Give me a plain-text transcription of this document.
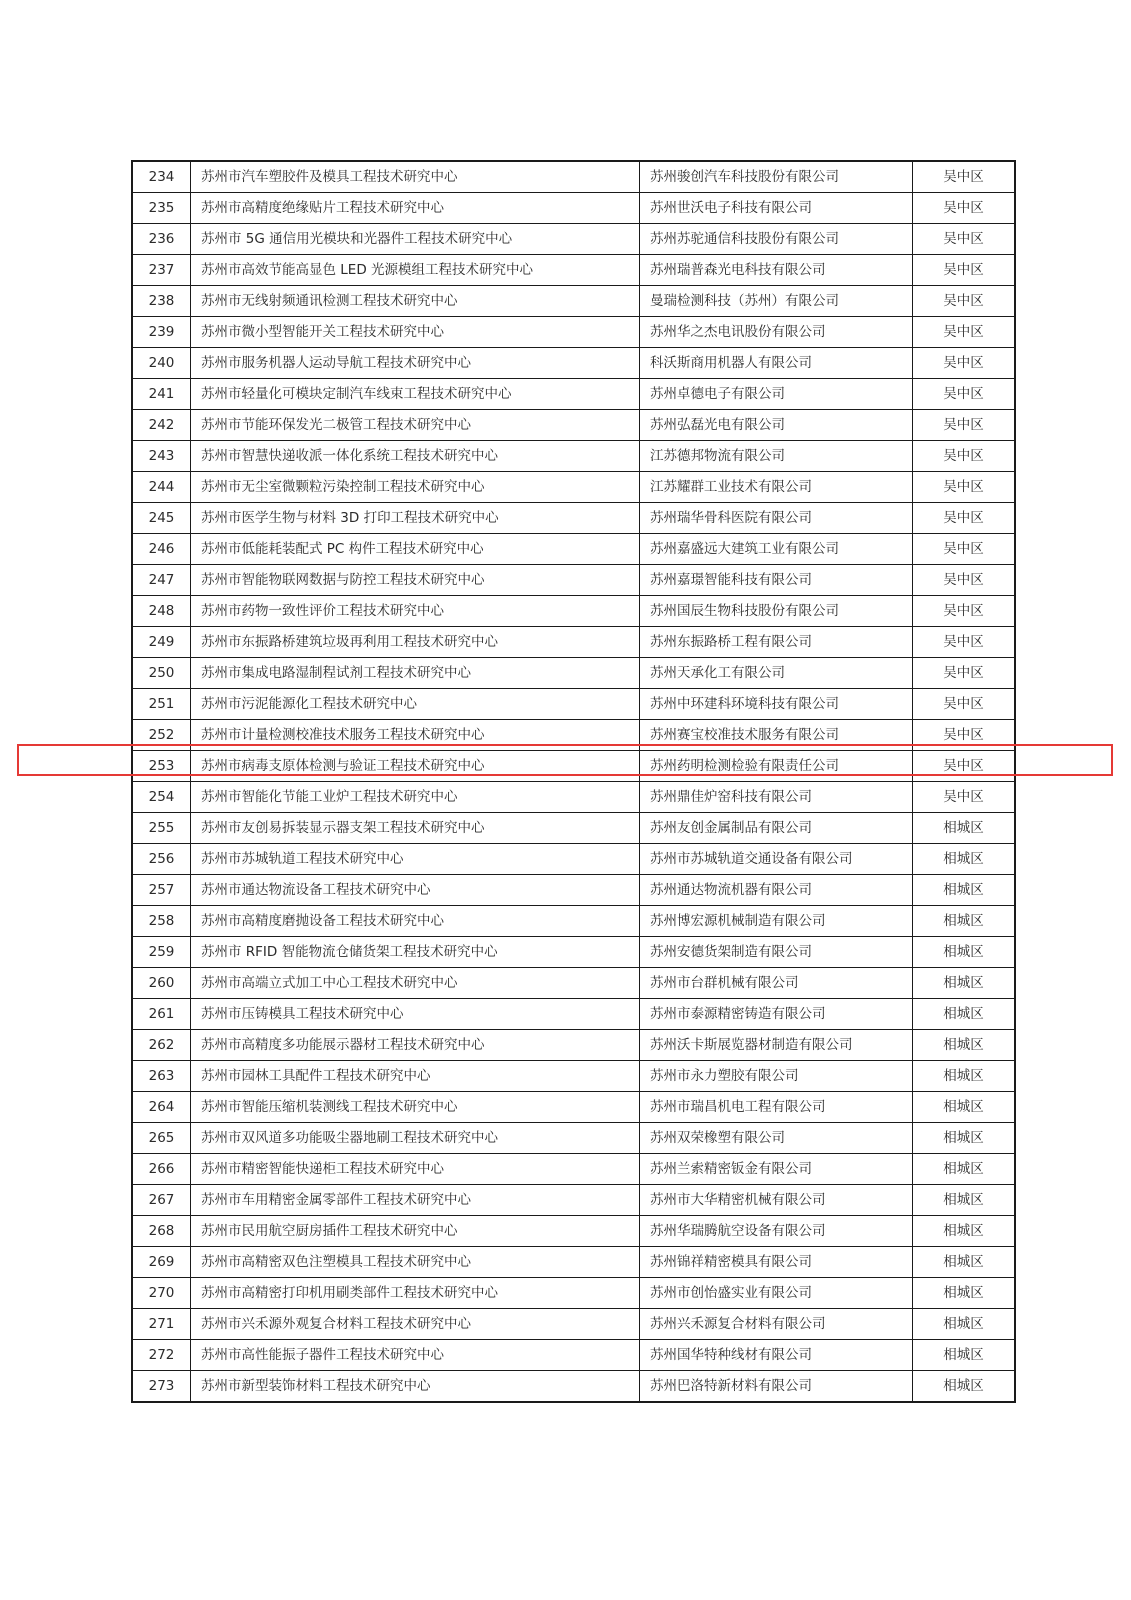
234	苏州市汽车塑胶件及模具工程技术研究中心	苏州骏创汽车科技股份有限公司	吴中区
235	苏州市高精度绝缘贴片工程技术研究中心	苏州世沃电子科技有限公司	吴中区
236	苏州市 5G 通信用光模块和光器件工程技术研究中心	苏州苏驼通信科技股份有限公司	吴中区
237	苏州市高效节能高显色 LED 光源模组工程技术研究中心	苏州瑞普森光电科技有限公司	吴中区
238	苏州市无线射频通讯检测工程技术研究中心	曼瑞检测科技（苏州）有限公司	吴中区
239	苏州市微小型智能开关工程技术研究中心	苏州华之杰电讯股份有限公司	吴中区
240	苏州市服务机器人运动导航工程技术研究中心	科沃斯商用机器人有限公司	吴中区
241	苏州市轻量化可模块定制汽车线束工程技术研究中心	苏州卓德电子有限公司	吴中区
242	苏州市节能环保发光二极管工程技术研究中心	苏州弘磊光电有限公司	吴中区
243	苏州市智慧快递收派一体化系统工程技术研究中心	江苏德邦物流有限公司	吴中区
244	苏州市无尘室微颗粒污染控制工程技术研究中心	江苏耀群工业技术有限公司	吴中区
245	苏州市医学生物与材料 3D 打印工程技术研究中心	苏州瑞华骨科医院有限公司	吴中区
246	苏州市低能耗装配式 PC 构件工程技术研究中心	苏州嘉盛远大建筑工业有限公司	吴中区
247	苏州市智能物联网数据与防控工程技术研究中心	苏州嘉璟智能科技有限公司	吴中区
248	苏州市药物一致性评价工程技术研究中心	苏州国辰生物科技股份有限公司	吴中区
249	苏州市东振路桥建筑垃圾再利用工程技术研究中心	苏州东振路桥工程有限公司	吴中区
250	苏州市集成电路湿制程试剂工程技术研究中心	苏州天承化工有限公司	吴中区
251	苏州市污泥能源化工程技术研究中心	苏州中环建科环境科技有限公司	吴中区
252	苏州市计量检测校准技术服务工程技术研究中心	苏州赛宝校准技术服务有限公司	吴中区
253	苏州市病毒支原体检测与验证工程技术研究中心	苏州药明检测检验有限责任公司	吴中区
254	苏州市智能化节能工业炉工程技术研究中心	苏州鼎佳炉窑科技有限公司	吴中区
255	苏州市友创易拆装显示器支架工程技术研究中心	苏州友创金属制品有限公司	相城区
256	苏州市苏城轨道工程技术研究中心	苏州市苏城轨道交通设备有限公司	相城区
257	苏州市通达物流设备工程技术研究中心	苏州通达物流机器有限公司	相城区
258	苏州市高精度磨抛设备工程技术研究中心	苏州博宏源机械制造有限公司	相城区
259	苏州市 RFID 智能物流仓储货架工程技术研究中心	苏州安德货架制造有限公司	相城区
260	苏州市高端立式加工中心工程技术研究中心	苏州市台群机械有限公司	相城区
261	苏州市压铸模具工程技术研究中心	苏州市泰源精密铸造有限公司	相城区
262	苏州市高精度多功能展示器材工程技术研究中心	苏州沃卡斯展览器材制造有限公司	相城区
263	苏州市园林工具配件工程技术研究中心	苏州市永力塑胶有限公司	相城区
264	苏州市智能压缩机装测线工程技术研究中心	苏州市瑞昌机电工程有限公司	相城区
265	苏州市双风道多功能吸尘器地刷工程技术研究中心	苏州双荣橡塑有限公司	相城区
266	苏州市精密智能快递柜工程技术研究中心	苏州兰索精密钣金有限公司	相城区
267	苏州市车用精密金属零部件工程技术研究中心	苏州市大华精密机械有限公司	相城区
268	苏州市民用航空厨房插件工程技术研究中心	苏州华瑞腾航空设备有限公司	相城区
269	苏州市高精密双色注塑模具工程技术研究中心	苏州锦祥精密模具有限公司	相城区
270	苏州市高精密打印机用刷类部件工程技术研究中心	苏州市创怡盛实业有限公司	相城区
271	苏州市兴禾源外观复合材料工程技术研究中心	苏州兴禾源复合材料有限公司	相城区
272	苏州市高性能振子器件工程技术研究中心	苏州国华特种线材有限公司	相城区
273	苏州市新型装饰材料工程技术研究中心	苏州巴洛特新材料有限公司	相城区
